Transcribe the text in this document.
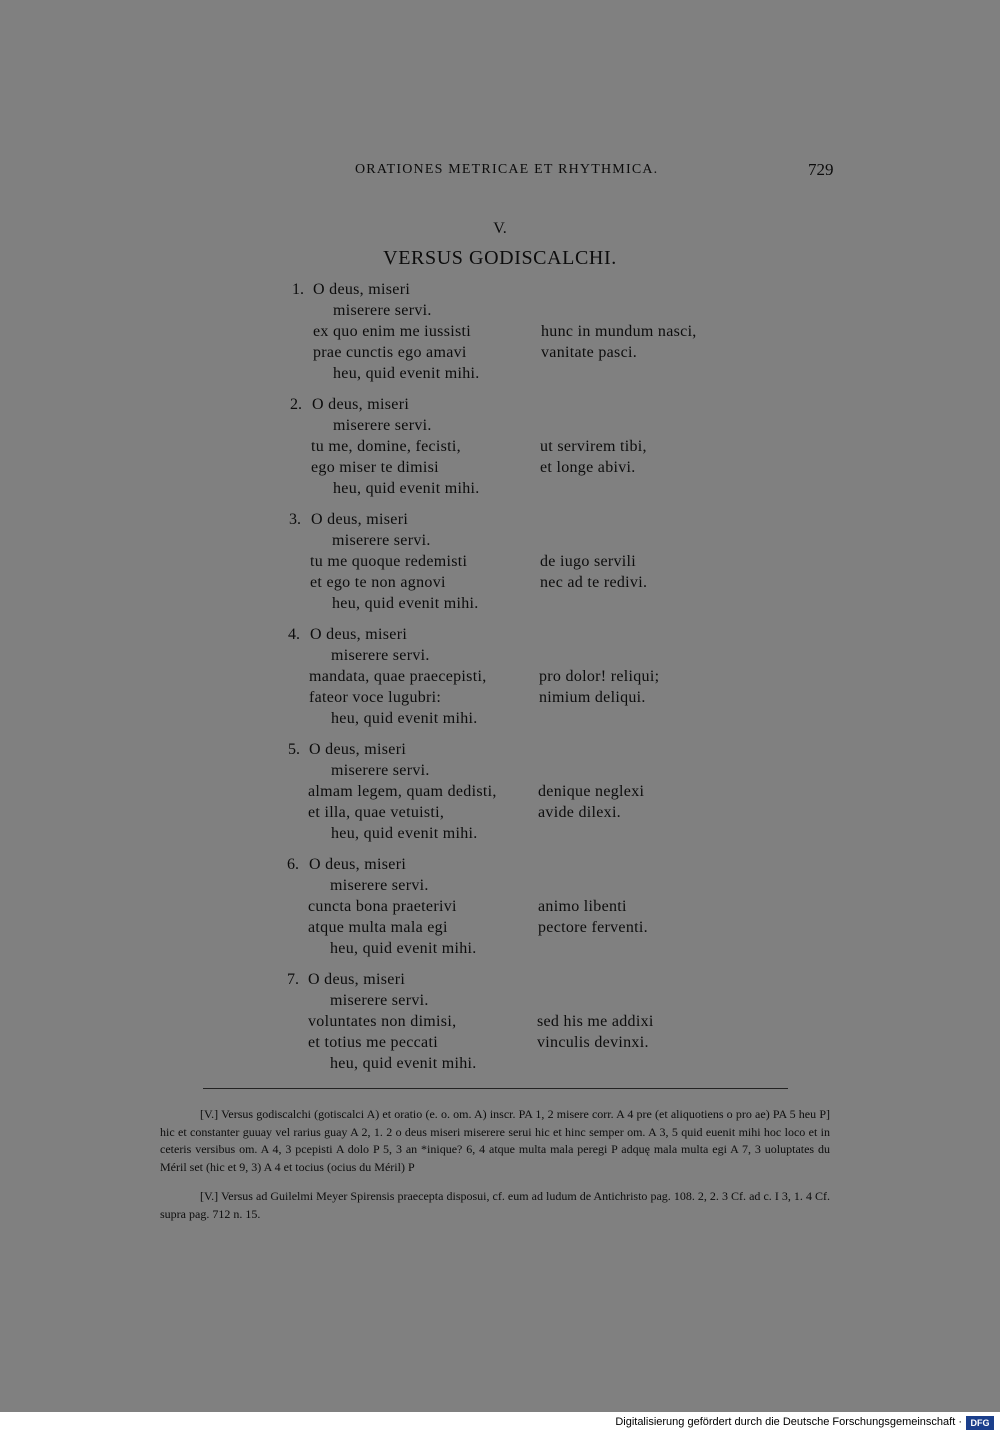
ORATIONES METRICAE ET RHYTHMICA.	729
V.
VERSUS GODISCALCHI.
1. O deus, miseri
miserere servi.
ex quo enim me iussisti	hunc in mundum nasci,
prae cunctis ego amavi	vanitate pasci.
heu, quid evenit mihi.
2. O deus, miseri
miserere servi.
tu me, domine, fecisti,	ut servirem tibi,
ego miser te dimisi	et longe abivi.
heu, quid evenit mihi.
3. O deus, miseri
miserere servi.
tu me quoque redemisti	de iugo servili
et ego te non agnovi	nec ad te redivi.
heu, quid evenit mihi.
4. O deus, miseri
miserere servi.
mandata, quae praecepisti,	pro dolor! reliqui;
fateor voce lugubri:	nimium deliqui.
heu, quid evenit mihi.
5. O deus, miseri
miserere servi.
almam legem, quam dedisti,	denique neglexi
et illa, quae vetuisti,	avide dilexi.
heu, quid evenit mihi.
6. O deus, miseri
miserere servi.
cuncta bona praeterivi	animo libenti
atque multa mala egi	pectore ferventi.
heu, quid evenit mihi.
7. O deus, miseri
miserere servi.
voluntates non dimisi,	sed his me addixi
et totius me peccati	vinculis devinxi.
heu, quid evenit mihi.

[V.] Versus godiscalchi (gotiscalci A) et oratio (e. o. om. A) inscr. PA 1, 2 misere corr. A 4 pre (et aliquotiens o pro ae) PA 5 heu P] hic et constanter guuay vel rarius guay A 2, 1. 2 o deus miseri miserere serui hic et hinc semper om. A 3, 5 quid euenit mihi hoc loco et in ceteris versibus om. A 4, 3 pcepisti A dolo P 5, 3 an *inique? 6, 4 atque multa mala peregi P adquę mala multa egi A 7, 3 uoluptates du Méril set (hic et 9, 3) A 4 et tocius (ocius du Méril) P

[V.] Versus ad Guilelmi Meyer Spirensis praecepta disposui, cf. eum ad ludum de Antichristo pag. 108. 2, 2. 3 Cf. ad c. I 3, 1. 4 Cf. supra pag. 712 n. 15.

Digitalisierung gefördert durch die Deutsche Forschungsgemeinschaft · DFG
